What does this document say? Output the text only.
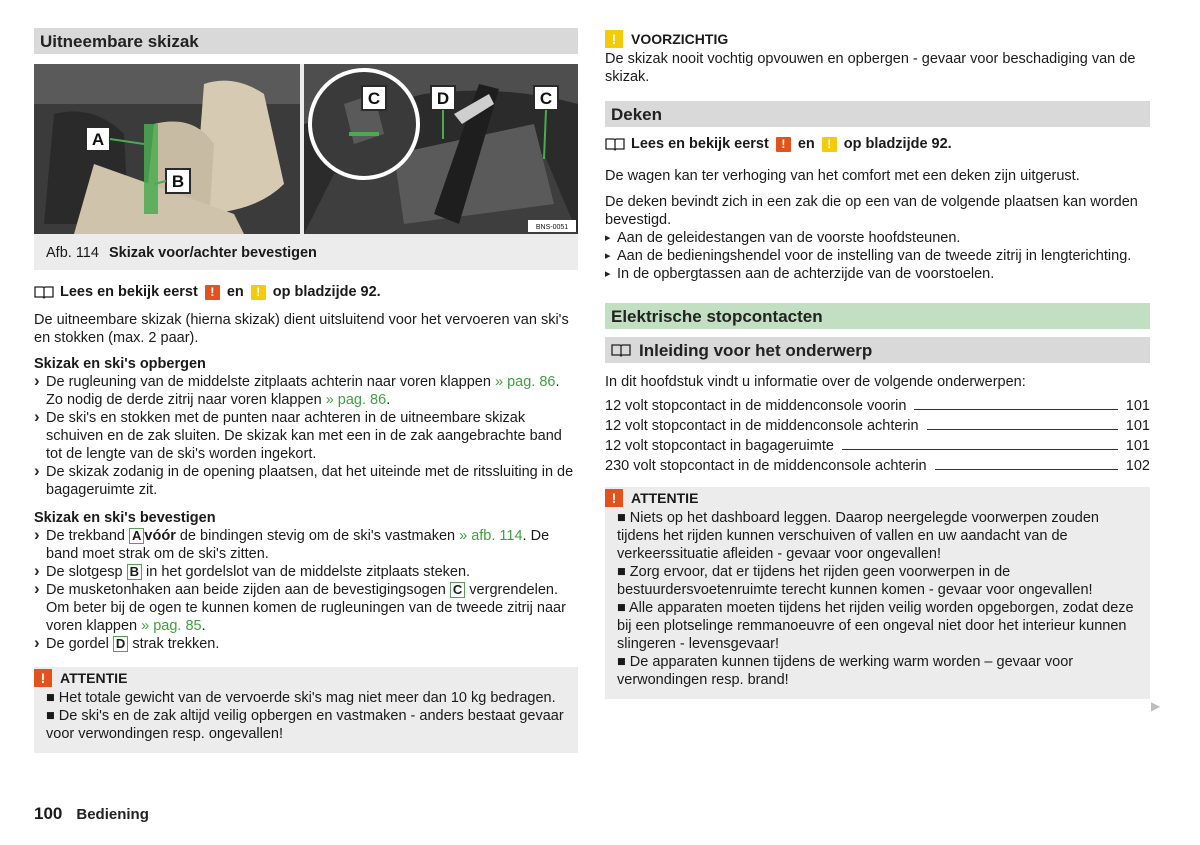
Uitneembare skizak
A
B
C	D	C
BNS-0051
Afb. 114 Skizak voor/achter bevestigen
Lees en bekijk eerst	! en	! op bladzijde 92.

De uitneembare skizak (hierna skizak) dient uitsluitend voor het vervoeren van ski's en stokken (max. 2 paar).

Skizak en ski's opbergen
› De rugleuning van de middelste zitplaats achterin naar voren klappen » pag. 86. Zo nodig de derde zitrij naar voren klappen » pag. 86.
› De ski's en stokken met de punten naar achteren in de uitneembare skizak schuiven en de zak sluiten. De skizak kan met een in de zak aangebrachte band tot de lengte van de ski's worden ingekort.
› De skizak zodanig in de opening plaatsen, dat het uiteinde met de ritssluiting in de bagageruimte zit.
Skizak en ski's bevestigen
› De trekband A vóór de bindingen stevig om de ski's vastmaken » afb. 114. De band moet strak om de ski's zitten.
› De slotgesp B in het gordelslot van de middelste zitplaats steken.
› De musketonhaken aan beide zijden aan de bevestigingsogen C vergrendelen. Om beter bij de ogen te kunnen komen de rugleuningen van de tweede zitrij naar voren klappen » pag. 85.
› De gordel D strak trekken.
!	ATTENTIE
■ Het totale gewicht van de vervoerde ski's mag niet meer dan 10 kg bedragen.
■ De ski's en de zak altijd veilig opbergen en vastmaken - anders bestaat gevaar voor verwondingen resp. ongevallen!
!	VOORZICHTIG
De skizak nooit vochtig opvouwen en opbergen - gevaar voor beschadiging van de skizak.
Deken
Lees en bekijk eerst	! en	! op bladzijde 92.

De wagen kan ter verhoging van het comfort met een deken zijn uitgerust.

De deken bevindt zich in een zak die op een van de volgende plaatsen kan worden bevestigd.

▸ Aan de geleidestangen van de voorste hoofdsteunen.
▸ Aan de bedieningshendel voor de instelling van de tweede zitrij in lengterichting.
▸ In de opbergtassen aan de achterzijde van de voorstoelen.
Elektrische stopcontacten
Inleiding voor het onderwerp

In dit hoofdstuk vindt u informatie over de volgende onderwerpen:

12 volt stopcontact in de middenconsole voorin	101
12 volt stopcontact in de middenconsole achterin	101
12 volt stopcontact in bagageruimte	101
230 volt stopcontact in de middenconsole achterin	102
!	ATTENTIE
■ Niets op het dashboard leggen. Daarop neergelegde voorwerpen zouden tijdens het rijden kunnen verschuiven of vallen en uw aandacht van de verkeerssituatie afleiden - gevaar voor ongevallen!
■ Zorg ervoor, dat er tijdens het rijden geen voorwerpen in de bestuurdersvoetenruimte terecht kunnen komen - gevaar voor ongevallen!
■ Alle apparaten moeten tijdens het rijden veilig worden opgeborgen, zodat deze bij een plotselinge remmanoeuvre of een ongeval niet door het interieur kunnen slingeren - levensgevaar!
■ De apparaten kunnen tijdens de werking warm worden – gevaar voor verwondingen resp. brand!
▶
100 Bediening
